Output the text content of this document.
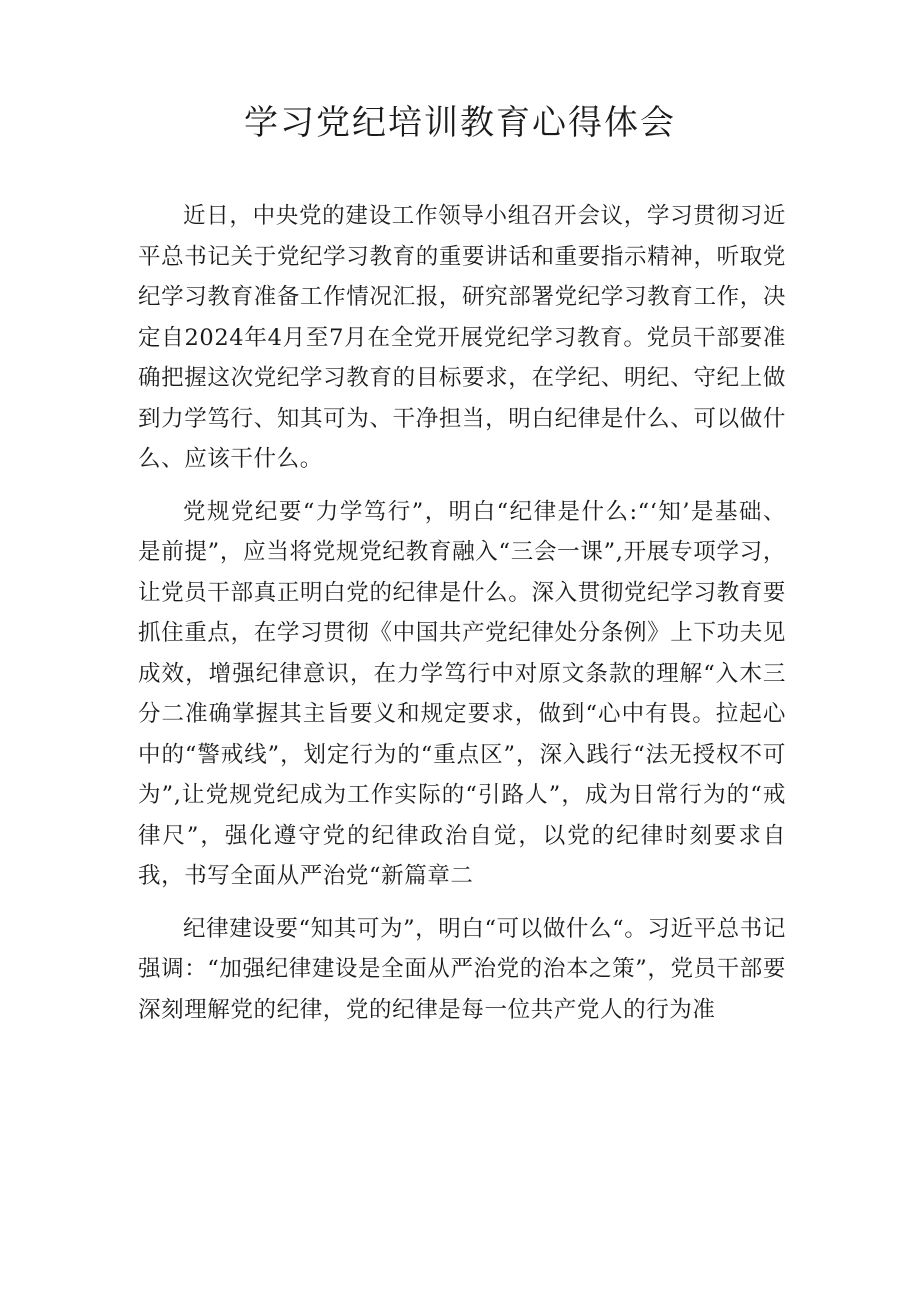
学习党纪培训教育心得体会

近日，中央党的建设工作领导小组召开会议，学习贯彻习近平总书记关于党纪学习教育的重要讲话和重要指示精神，听取党纪学习教育准备工作情况汇报，研究部署党纪学习教育工作，决定自2024年4月至7月在全党开展党纪学习教育。党员干部要准确把握这次党纪学习教育的目标要求，在学纪、明纪、守纪上做到力学笃行、知其可为、干净担当，明白纪律是什么、可以做什么、应该干什么。

党规党纪要“力学笃行”，明白“纪律是什么:“‘知’是基础、是前提”，应当将党规党纪教育融入“三会一课”,开展专项学习，让党员干部真正明白党的纪律是什么。深入贯彻党纪学习教育要抓住重点，在学习贯彻《中国共产党纪律处分条例》上下功夫见成效，增强纪律意识，在力学笃行中对原文条款的理解“入木三分二准确掌握其主旨要义和规定要求，做到“心中有畏。拉起心中的“警戒线”，划定行为的“重点区”，深入践行“法无授权不可为”,让党规党纪成为工作实际的“引路人”，成为日常行为的“戒律尺”，强化遵守党的纪律政治自觉，以党的纪律时刻要求自我，书写全面从严治党“新篇章二

纪律建设要“知其可为”，明白“可以做什么“。习近平总书记强调：“加强纪律建设是全面从严治党的治本之策”，党员干部要深刻理解党的纪律，党的纪律是每一位共产党人的行为准
